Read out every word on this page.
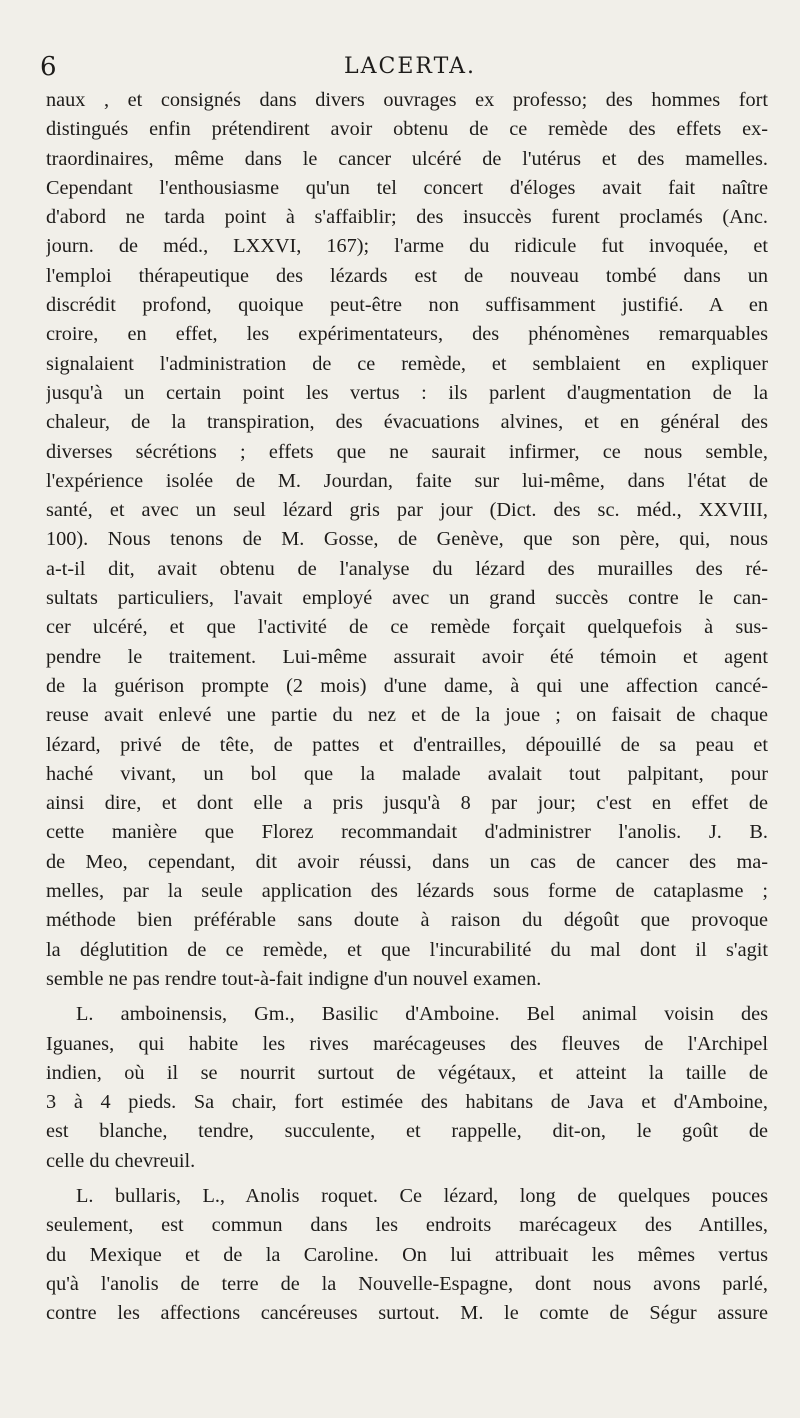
6	LACERTA.
naux , et consignés dans divers ouvrages ex professo; des hommes fort
distingués enfin prétendirent avoir obtenu de ce remède des effets ex-
traordinaires, même dans le cancer ulcéré de l'utérus et des mamelles.
Cependant l'enthousiasme qu'un tel concert d'éloges avait fait naître
d'abord ne tarda point à s'affaiblir; des insuccès furent proclamés (Anc.
journ. de méd., LXXVI, 167); l'arme du ridicule fut invoquée, et
l'emploi thérapeutique des lézards est de nouveau tombé dans un
discrédit profond, quoique peut-être non suffisamment justifié. A en
croire, en effet, les expérimentateurs, des phénomènes remarquables
signalaient l'administration de ce remède, et semblaient en expliquer
jusqu'à un certain point les vertus : ils parlent d'augmentation de la
chaleur, de la transpiration, des évacuations alvines, et en général des
diverses sécrétions ; effets que ne saurait infirmer, ce nous semble,
l'expérience isolée de M. Jourdan, faite sur lui-même, dans l'état de
santé, et avec un seul lézard gris par jour (Dict. des sc. méd., XXVIII,
100). Nous tenons de M. Gosse, de Genève, que son père, qui, nous
a-t-il dit, avait obtenu de l'analyse du lézard des murailles des ré-
sultats particuliers, l'avait employé avec un grand succès contre le can-
cer ulcéré, et que l'activité de ce remède forçait quelquefois à sus-
pendre le traitement. Lui-même assurait avoir été témoin et agent
de la guérison prompte (2 mois) d'une dame, à qui une affection cancé-
reuse avait enlevé une partie du nez et de la joue ; on faisait de chaque
lézard, privé de tête, de pattes et d'entrailles, dépouillé de sa peau et
haché vivant, un bol que la malade avalait tout palpitant, pour
ainsi dire, et dont elle a pris jusqu'à 8 par jour; c'est en effet de
cette manière que Florez recommandait d'administrer l'anolis. J. B.
de Meo, cependant, dit avoir réussi, dans un cas de cancer des ma-
melles, par la seule application des lézards sous forme de cataplasme ;
méthode bien préférable sans doute à raison du dégoût que provoque
la déglutition de ce remède, et que l'incurabilité du mal dont il s'agit
semble ne pas rendre tout-à-fait indigne d'un nouvel examen.
L. amboinensis, Gm., Basilic d'Amboine. Bel animal voisin des
Iguanes, qui habite les rives marécageuses des fleuves de l'Archipel
indien, où il se nourrit surtout de végétaux, et atteint la taille de
3 à 4 pieds. Sa chair, fort estimée des habitans de Java et d'Amboine,
est blanche, tendre, succulente, et rappelle, dit-on, le goût de
celle du chevreuil.
L. bullaris, L., Anolis roquet. Ce lézard, long de quelques pouces
seulement, est commun dans les endroits marécageux des Antilles,
du Mexique et de la Caroline. On lui attribuait les mêmes vertus
qu'à l'anolis de terre de la Nouvelle-Espagne, dont nous avons parlé,
contre les affections cancéreuses surtout. M. le comte de Ségur assure
